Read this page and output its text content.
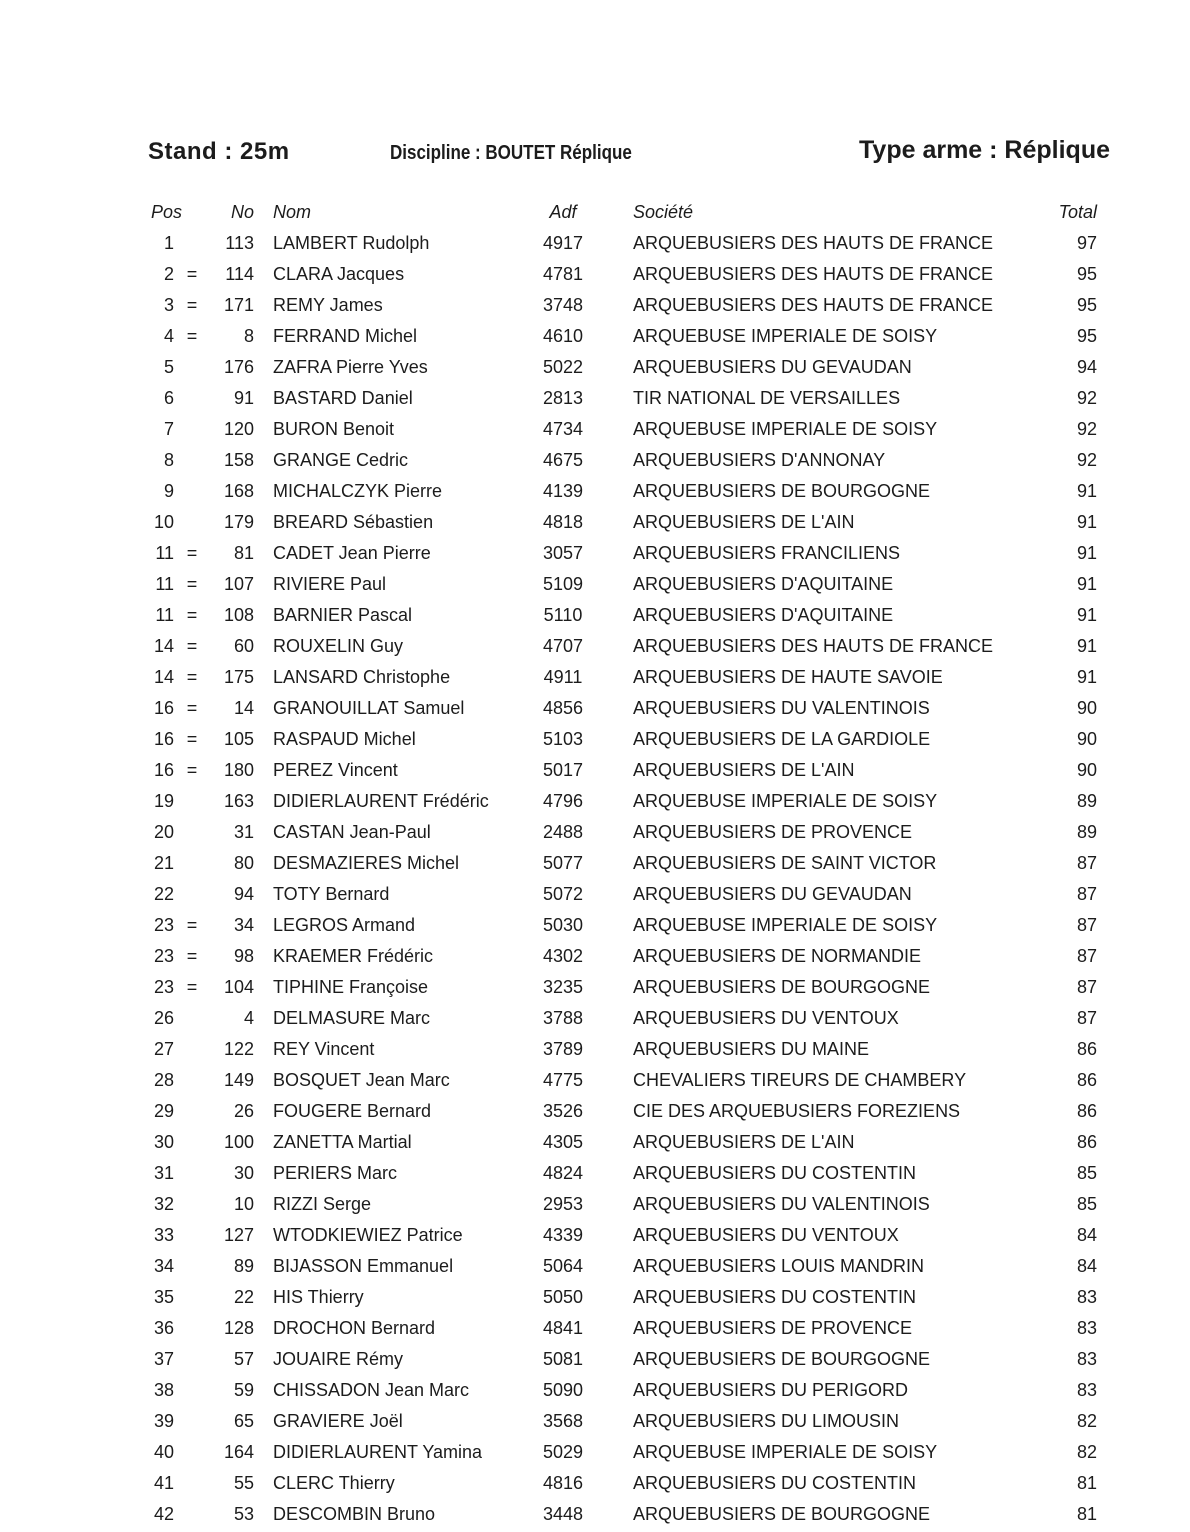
Stand : 25m	Discipline : BOUTET Réplique	Type arme : Réplique
Pos	No Nom	Adf	Société	Total
1	113 LAMBERT Rudolph	4917	ARQUEBUSIERS DES HAUTS DE FRANCE	97
2 =	114 CLARA Jacques	4781	ARQUEBUSIERS DES HAUTS DE FRANCE	95
3 =	171 REMY James	3748	ARQUEBUSIERS DES HAUTS DE FRANCE	95
4 =	8 FERRAND Michel	4610	ARQUEBUSE IMPERIALE DE SOISY	95
5	176 ZAFRA Pierre Yves	5022	ARQUEBUSIERS DU GEVAUDAN	94
6	91 BASTARD Daniel	2813	TIR NATIONAL DE VERSAILLES	92
7	120 BURON Benoit	4734	ARQUEBUSE IMPERIALE DE SOISY	92
8	158 GRANGE Cedric	4675	ARQUEBUSIERS D'ANNONAY	92
9	168 MICHALCZYK Pierre	4139	ARQUEBUSIERS DE BOURGOGNE	91
10	179 BREARD Sébastien	4818	ARQUEBUSIERS DE L'AIN	91
11 =	81 CADET Jean Pierre	3057	ARQUEBUSIERS FRANCILIENS	91
11 =	107 RIVIERE Paul	5109	ARQUEBUSIERS D'AQUITAINE	91
11 =	108 BARNIER Pascal	5110	ARQUEBUSIERS D'AQUITAINE	91
14 =	60 ROUXELIN Guy	4707	ARQUEBUSIERS DES HAUTS DE FRANCE	91
14 =	175 LANSARD Christophe	4911	ARQUEBUSIERS DE HAUTE SAVOIE	91
16 =	14 GRANOUILLAT Samuel	4856	ARQUEBUSIERS DU VALENTINOIS	90
16 =	105 RASPAUD Michel	5103	ARQUEBUSIERS DE LA GARDIOLE	90
16 =	180 PEREZ Vincent	5017	ARQUEBUSIERS DE L'AIN	90
19	163 DIDIERLAURENT Frédéric	4796	ARQUEBUSE IMPERIALE DE SOISY	89
20	31 CASTAN Jean-Paul	2488	ARQUEBUSIERS DE PROVENCE	89
21	80 DESMAZIERES Michel	5077	ARQUEBUSIERS DE SAINT VICTOR	87
22	94 TOTY Bernard	5072	ARQUEBUSIERS DU GEVAUDAN	87
23 =	34 LEGROS Armand	5030	ARQUEBUSE IMPERIALE DE SOISY	87
23 =	98 KRAEMER Frédéric	4302	ARQUEBUSIERS DE NORMANDIE	87
23 =	104 TIPHINE Françoise	3235	ARQUEBUSIERS DE BOURGOGNE	87
26	4 DELMASURE Marc	3788	ARQUEBUSIERS DU VENTOUX	87
27	122 REY Vincent	3789	ARQUEBUSIERS DU MAINE	86
28	149 BOSQUET Jean Marc	4775	CHEVALIERS TIREURS DE CHAMBERY	86
29	26 FOUGERE Bernard	3526	CIE DES ARQUEBUSIERS FOREZIENS	86
30	100 ZANETTA Martial	4305	ARQUEBUSIERS DE L'AIN	86
31	30 PERIERS Marc	4824	ARQUEBUSIERS DU COSTENTIN	85
32	10 RIZZI Serge	2953	ARQUEBUSIERS DU VALENTINOIS	85
33	127 WTODKIEWIEZ Patrice	4339	ARQUEBUSIERS DU VENTOUX	84
34	89 BIJASSON Emmanuel	5064	ARQUEBUSIERS LOUIS MANDRIN	84
35	22 HIS Thierry	5050	ARQUEBUSIERS DU COSTENTIN	83
36	128 DROCHON Bernard	4841	ARQUEBUSIERS DE PROVENCE	83
37	57 JOUAIRE Rémy	5081	ARQUEBUSIERS DE BOURGOGNE	83
38	59 CHISSADON Jean Marc	5090	ARQUEBUSIERS DU PERIGORD	83
39	65 GRAVIERE Joël	3568	ARQUEBUSIERS DU LIMOUSIN	82
40	164 DIDIERLAURENT Yamina	5029	ARQUEBUSE IMPERIALE DE SOISY	82
41	55 CLERC Thierry	4816	ARQUEBUSIERS DU COSTENTIN	81
42	53 DESCOMBIN Bruno	3448	ARQUEBUSIERS DE BOURGOGNE	81
